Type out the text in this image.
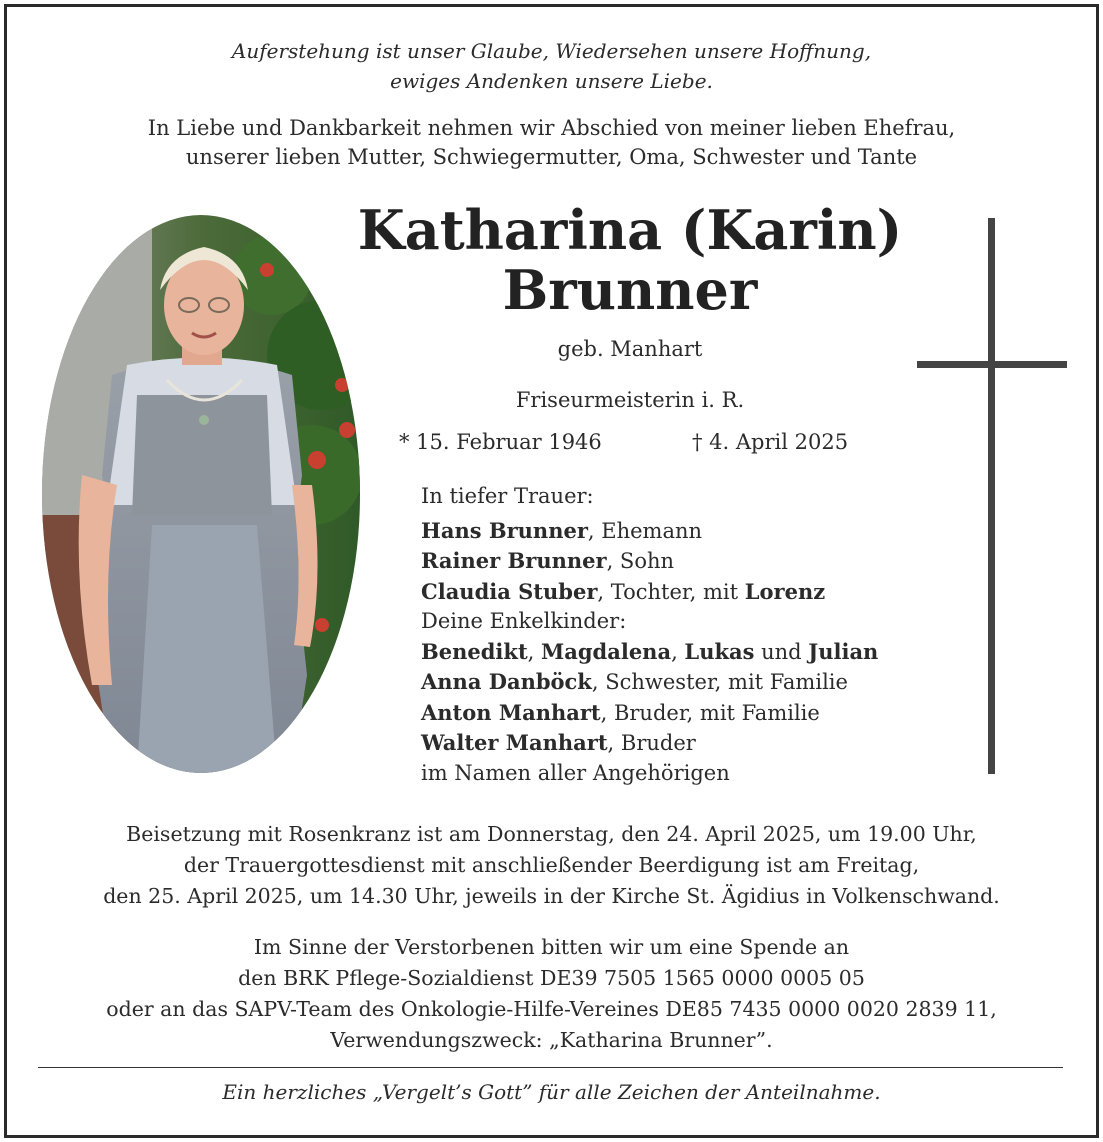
Auferstehung ist unser Glaube, Wiedersehen unsere Hoffnung,
ewiges Andenken unsere Liebe.
In Liebe und Dankbarkeit nehmen wir Abschied von meiner lieben Ehefrau,
unserer lieben Mutter, Schwiegermutter, Oma, Schwester und Tante
Katharina (Karin)
Brunner
geb. Manhart
Friseurmeisterin i. R.
* 15. Februar 1946	† 4. April 2025
In tiefer Trauer:
Hans Brunner, Ehemann
Rainer Brunner, Sohn
Claudia Stuber, Tochter, mit Lorenz
Deine Enkelkinder:
Benedikt, Magdalena, Lukas und Julian
Anna Danböck, Schwester, mit Familie
Anton Manhart, Bruder, mit Familie
Walter Manhart, Bruder
im Namen aller Angehörigen
Beisetzung mit Rosenkranz ist am Donnerstag, den 24. April 2025, um 19.00 Uhr,
der Trauergottesdienst mit anschließender Beerdigung ist am Freitag,
den 25. April 2025, um 14.30 Uhr, jeweils in der Kirche St. Ägidius in Volkenschwand.
Im Sinne der Verstorbenen bitten wir um eine Spende an
den BRK Pflege-Sozialdienst DE39 7505 1565 0000 0005 05
oder an das SAPV-Team des Onkologie-Hilfe-Vereines DE85 7435 0000 0020 2839 11,
Verwendungszweck: „Katharina Brunner”.
Ein herzliches „Vergelt’s Gott” für alle Zeichen der Anteilnahme.
